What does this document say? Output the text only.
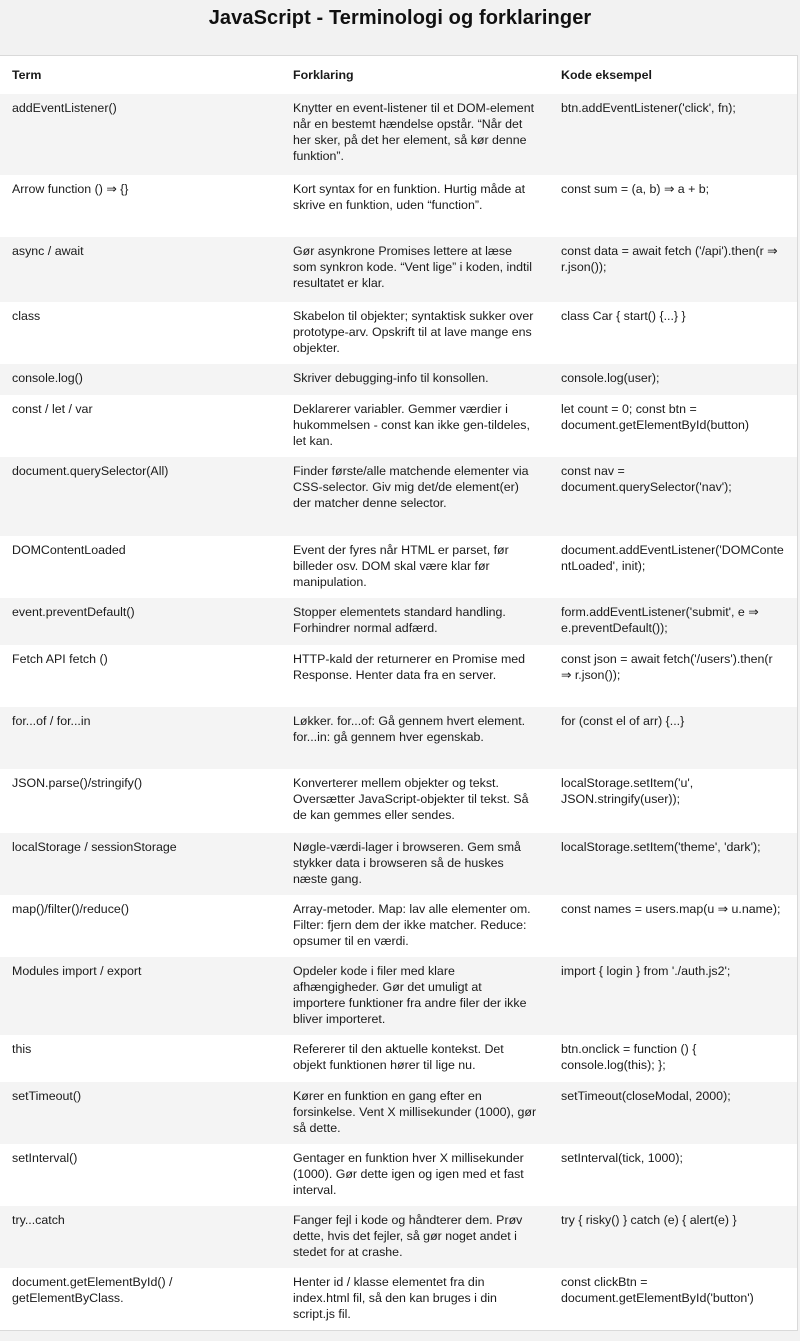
JavaScript - Terminologi og forklaringer
Term	Forklaring	Kode eksempel
addEventListener()	Knytter en event-listener til et DOM-element når en bestemt hændelse opstår. “Når det her sker, på det her element, så kør denne funktion”.	btn.addEventListener('click', fn);
Arrow function () ⇒ {}	Kort syntax for en funktion. Hurtig måde at skrive en funktion, uden “function”.	const sum = (a, b) ⇒ a + b;
async / await	Gør asynkrone Promises lettere at læse som synkron kode. “Vent lige” i koden, indtil resultatet er klar.	const data = await fetch ('/api').then(r ⇒ r.json());
class	Skabelon til objekter; syntaktisk sukker over prototype-arv. Opskrift til at lave mange ens objekter.	class Car { start() {...} }
console.log()	Skriver debugging-info til konsollen.	console.log(user);
const / let / var	Deklarerer variabler. Gemmer værdier i hukommelsen - const kan ikke gen-tildeles, let kan.	let count = 0; const btn = document.getElementById(button)
document.querySelector(All)	Finder første/alle matchende elementer via CSS-selector. Giv mig det/de element(er) der matcher denne selector.	const nav = document.querySelector('nav');
DOMContentLoaded	Event der fyres når HTML er parset, før billeder osv. DOM skal være klar før manipulation.	document.addEventListener('DOMContentLoaded', init);
event.preventDefault()	Stopper elementets standard handling. Forhindrer normal adfærd.	form.addEventListener('submit', e ⇒ e.preventDefault());
Fetch API fetch ()	HTTP-kald der returnerer en Promise med Response. Henter data fra en server.	const json = await fetch('/users').then(r ⇒ r.json());
for...of / for...in	Løkker. for...of: Gå gennem hvert element. for...in: gå gennem hver egenskab.	for (const el of arr) {...}
JSON.parse()/stringify()	Konverterer mellem objekter og tekst. Oversætter JavaScript-objekter til tekst. Så de kan gemmes eller sendes.	localStorage.setItem('u', JSON.stringify(user));
localStorage / sessionStorage	Nøgle-værdi-lager i browseren. Gem små stykker data i browseren så de huskes næste gang.	localStorage.setItem('theme', 'dark');
map()/filter()/reduce()	Array-metoder. Map: lav alle elementer om. Filter: fjern dem der ikke matcher. Reduce: opsumer til en værdi.	const names = users.map(u ⇒ u.name);
Modules import / export	Opdeler kode i filer med klare afhængigheder. Gør det umuligt at importere funktioner fra andre filer der ikke bliver importeret.	import { login } from './auth.js2';
this	Refererer til den aktuelle kontekst. Det objekt funktionen hører til lige nu.	btn.onclick = function () { console.log(this); };
setTimeout()	Kører en funktion en gang efter en forsinkelse. Vent X millisekunder (1000), gør så dette.	setTimeout(closeModal, 2000);
setInterval()	Gentager en funktion hver X millisekunder (1000). Gør dette igen og igen med et fast interval.	setInterval(tick, 1000);
try...catch	Fanger fejl i kode og håndterer dem. Prøv dette, hvis det fejler, så gør noget andet i stedet for at crashe.	try { risky() } catch (e) { alert(e) }
document.getElementById() / getElementByClass.	Henter id / klasse elementet fra din index.html fil, så den kan bruges i din script.js fil.	const clickBtn = document.getElementById('button')
